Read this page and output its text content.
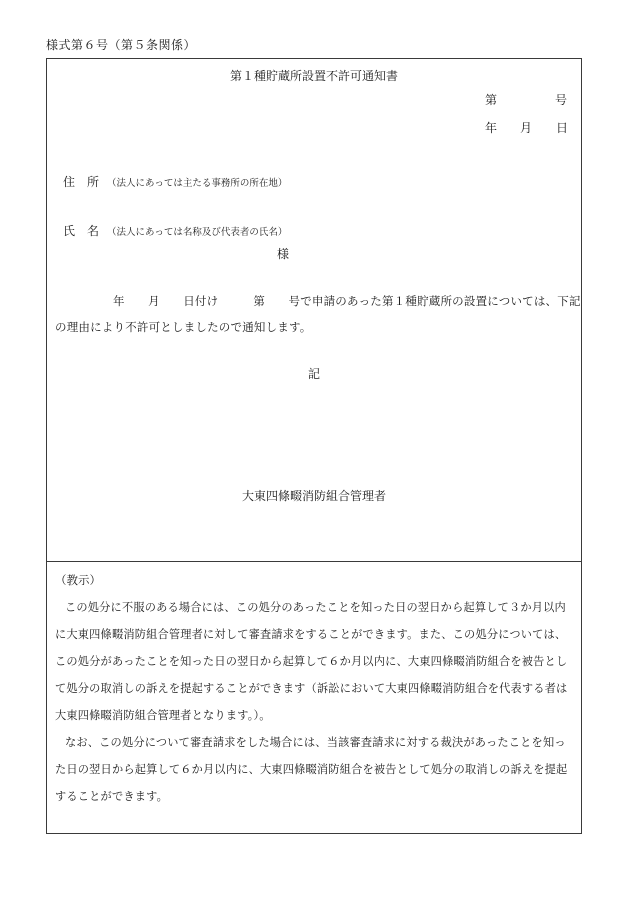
様式第６号（第５条関係）
第１種貯蔵所設置不許可通知書
第	号
年 月 日
住　所 （法人にあっては主たる事務所の所在地）
氏　名 （法人にあっては名称及び代表者の氏名）
様
年　　月　　日付け　　　第　　号で申請のあった第１種貯蔵所の設置については、下記
の理由により不許可としましたので通知します。
記
大東四條畷消防組合管理者
（教示）
この処分に不服のある場合には、この処分のあったことを知った日の翌日から起算して３か月以内
に大東四條畷消防組合管理者に対して審査請求をすることができます。また、この処分については、
この処分があったことを知った日の翌日から起算して６か月以内に、大東四條畷消防組合を被告とし
て処分の取消しの訴えを提起することができます（訴訟において大東四條畷消防組合を代表する者は
大東四條畷消防組合管理者となります。）。
なお、この処分について審査請求をした場合には、当該審査請求に対する裁決があったことを知っ
た日の翌日から起算して６か月以内に、大東四條畷消防組合を被告として処分の取消しの訴えを提起
することができます。
